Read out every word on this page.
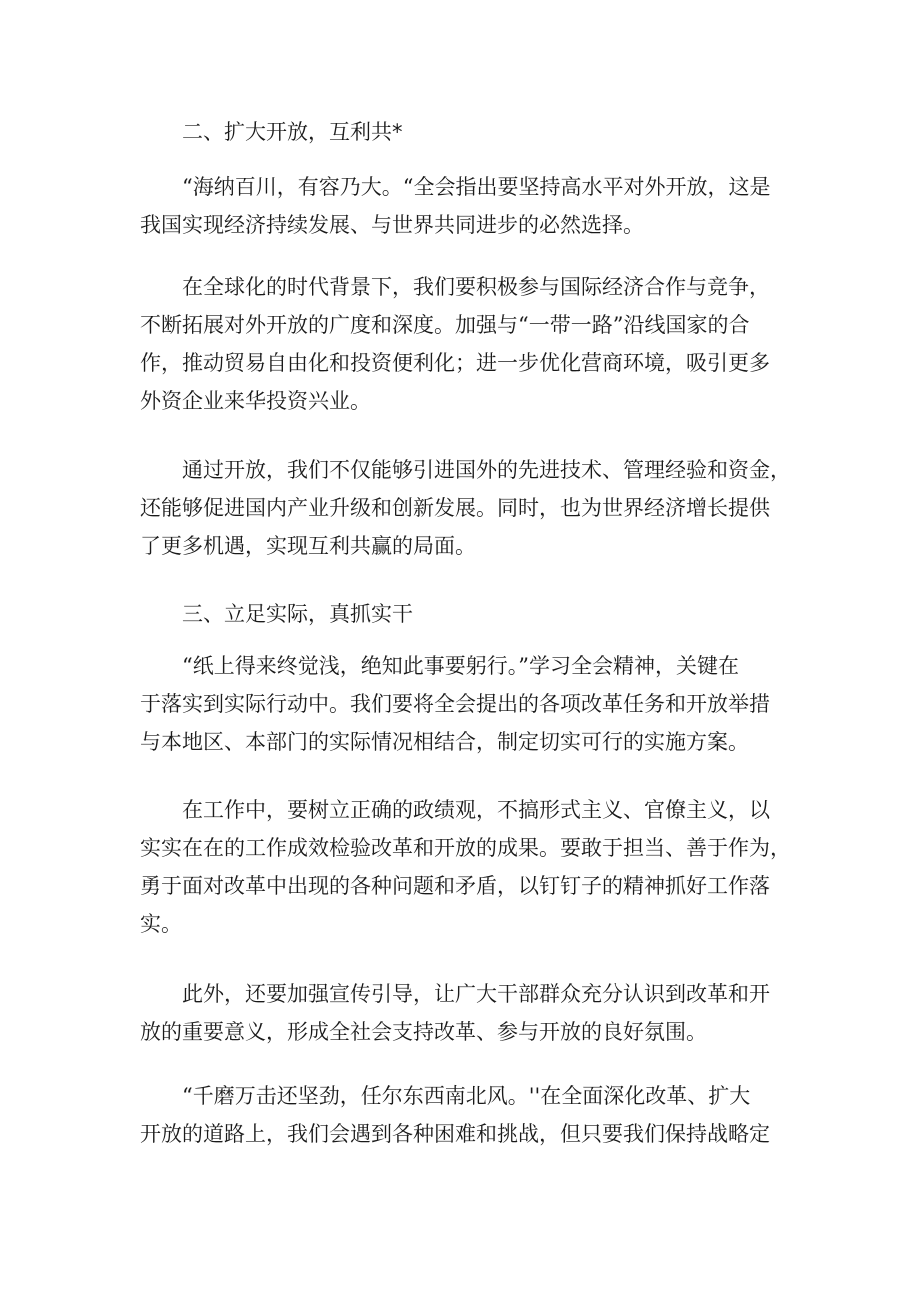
二、扩大开放，互利共*
“海纳百川，有容乃大。“全会指出要坚持高水平对外开放，这是
我国实现经济持续发展、与世界共同进步的必然选择。
在全球化的时代背景下，我们要积极参与国际经济合作与竞争，
不断拓展对外开放的广度和深度。加强与“一带一路”沿线国家的合
作，推动贸易自由化和投资便利化；进一步优化营商环境，吸引更多
外资企业来华投资兴业。
通过开放，我们不仅能够引进国外的先进技术、管理经验和资金，
还能够促进国内产业升级和创新发展。同时，也为世界经济增长提供
了更多机遇，实现互利共赢的局面。
三、立足实际，真抓实干
“纸上得来终觉浅，绝知此事要躬行。”学习全会精神，关键在
于落实到实际行动中。我们要将全会提出的各项改革任务和开放举措
与本地区、本部门的实际情况相结合，制定切实可行的实施方案。
在工作中，要树立正确的政绩观，不搞形式主义、官僚主义，以
实实在在的工作成效检验改革和开放的成果。要敢于担当、善于作为，
勇于面对改革中出现的各种问题和矛盾，以钉钉子的精神抓好工作落
实。
此外，还要加强宣传引导，让广大干部群众充分认识到改革和开
放的重要意义，形成全社会支持改革、参与开放的良好氛围。
“千磨万击还坚劲，任尔东西南北风。''在全面深化改革、扩大
开放的道路上，我们会遇到各种困难和挑战，但只要我们保持战略定
